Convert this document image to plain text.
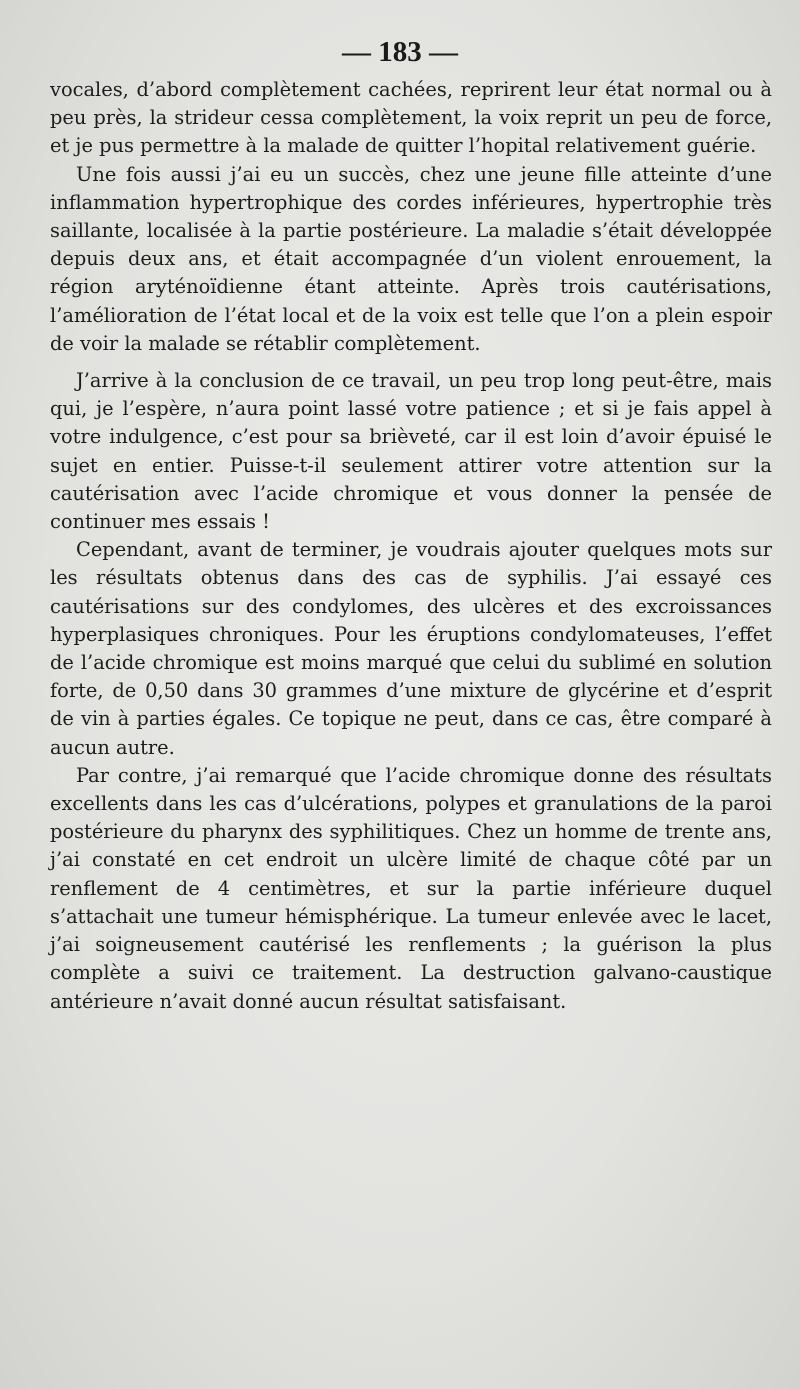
— 183 —

vocales, d’abord complètement cachées, reprirent leur état normal ou à peu près, la strideur cessa complètement, la voix reprit un peu de force, et je pus permettre à la malade de quitter l’hopital relativement guérie.

Une fois aussi j’ai eu un succès, chez une jeune fille atteinte d’une inflammation hypertrophique des cordes inférieures, hypertrophie très saillante, localisée à la partie postérieure. La maladie s’était développée depuis deux ans, et était accompagnée d’un violent enrouement, la région aryténoïdienne étant atteinte. Après trois cautérisations, l’amélioration de l’état local et de la voix est telle que l’on a plein espoir de voir la malade se rétablir complètement.

J’arrive à la conclusion de ce travail, un peu trop long peut-être, mais qui, je l’espère, n’aura point lassé votre patience ; et si je fais appel à votre indulgence, c’est pour sa brièveté, car il est loin d’avoir épuisé le sujet en entier. Puisse-t-il seulement attirer votre attention sur la cautérisation avec l’acide chromique et vous donner la pensée de continuer mes essais !

Cependant, avant de terminer, je voudrais ajouter quelques mots sur les résultats obtenus dans des cas de syphilis. J’ai essayé ces cautérisations sur des condylomes, des ulcères et des excroissances hyperplasiques chroniques. Pour les éruptions condylomateuses, l’effet de l’acide chromique est moins marqué que celui du sublimé en solution forte, de 0,50 dans 30 grammes d’une mixture de glycérine et d’esprit de vin à parties égales. Ce topique ne peut, dans ce cas, être comparé à aucun autre.

Par contre, j’ai remarqué que l’acide chromique donne des résultats excellents dans les cas d’ulcérations, polypes et granulations de la paroi postérieure du pharynx des syphilitiques. Chez un homme de trente ans, j’ai constaté en cet endroit un ulcère limité de chaque côté par un renflement de 4 centimètres, et sur la partie inférieure duquel s’attachait une tumeur hémisphérique. La tumeur enlevée avec le lacet, j’ai soigneusement cautérisé les renflements ; la guérison la plus complète a suivi ce traitement. La destruction galvano-caustique antérieure n’avait donné aucun résultat satisfaisant.
